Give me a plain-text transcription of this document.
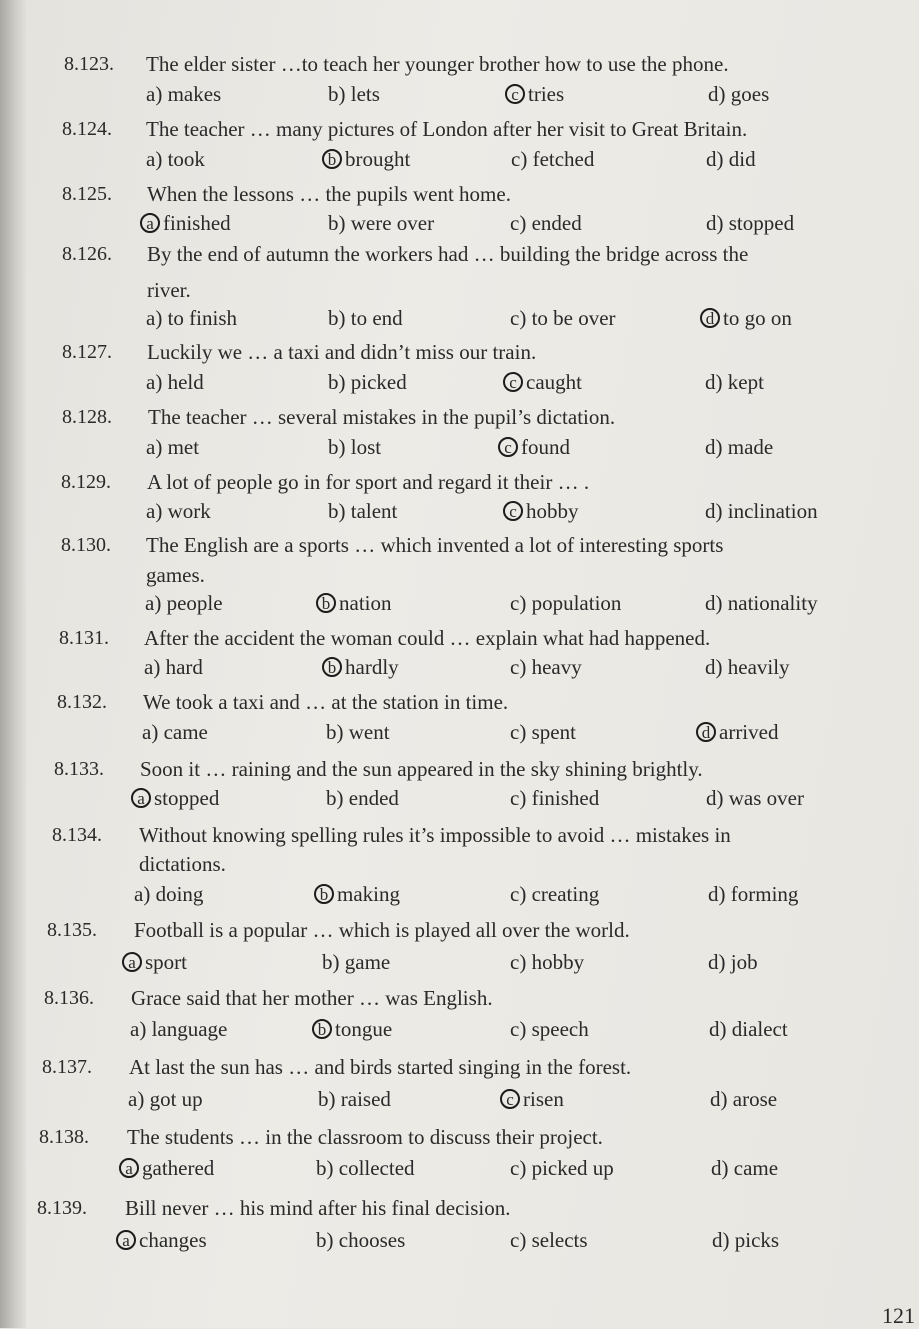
8.123. The elder sister …to teach her younger brother how to use the phone.
a) makes	b) lets	c tries	d) goes
8.124. The teacher … many pictures of London after her visit to Great Britain.
a) took	b brought	c) fetched	d) did
8.125. When the lessons … the pupils went home.
a finished	b) were over	c) ended	d) stopped
8.126. By the end of autumn the workers had … building the bridge across the
river.
a) to finish	b) to end	c) to be over	d to go on
8.127. Luckily we … a taxi and didn’t miss our train.
a) held	b) picked	c caught	d) kept
8.128. The teacher … several mistakes in the pupil’s dictation.
a) met	b) lost	c found	d) made
8.129. A lot of people go in for sport and regard it their … .
a) work	b) talent	c hobby	d) inclination
8.130. The English are a sports … which invented a lot of interesting sports
games.
a) people	b nation	c) population	d) nationality
8.131. After the accident the woman could … explain what had happened.
a) hard	b hardly	c) heavy	d) heavily
8.132. We took a taxi and … at the station in time.
a) came	b) went	c) spent	d arrived
8.133. Soon it … raining and the sun appeared in the sky shining brightly.
a stopped	b) ended	c) finished	d) was over
8.134. Without knowing spelling rules it’s impossible to avoid … mistakes in
dictations.
a) doing	b making	c) creating	d) forming
8.135. Football is a popular … which is played all over the world.
a sport	b) game	c) hobby	d) job
8.136. Grace said that her mother … was English.
a) language	b tongue	c) speech	d) dialect
8.137. At last the sun has … and birds started singing in the forest.
a) got up	b) raised	c risen	d) arose
8.138. The students … in the classroom to discuss their project.
a gathered	b) collected	c) picked up	d) came
8.139. Bill never … his mind after his final decision.
a changes	b) chooses	c) selects	d) picks
121
